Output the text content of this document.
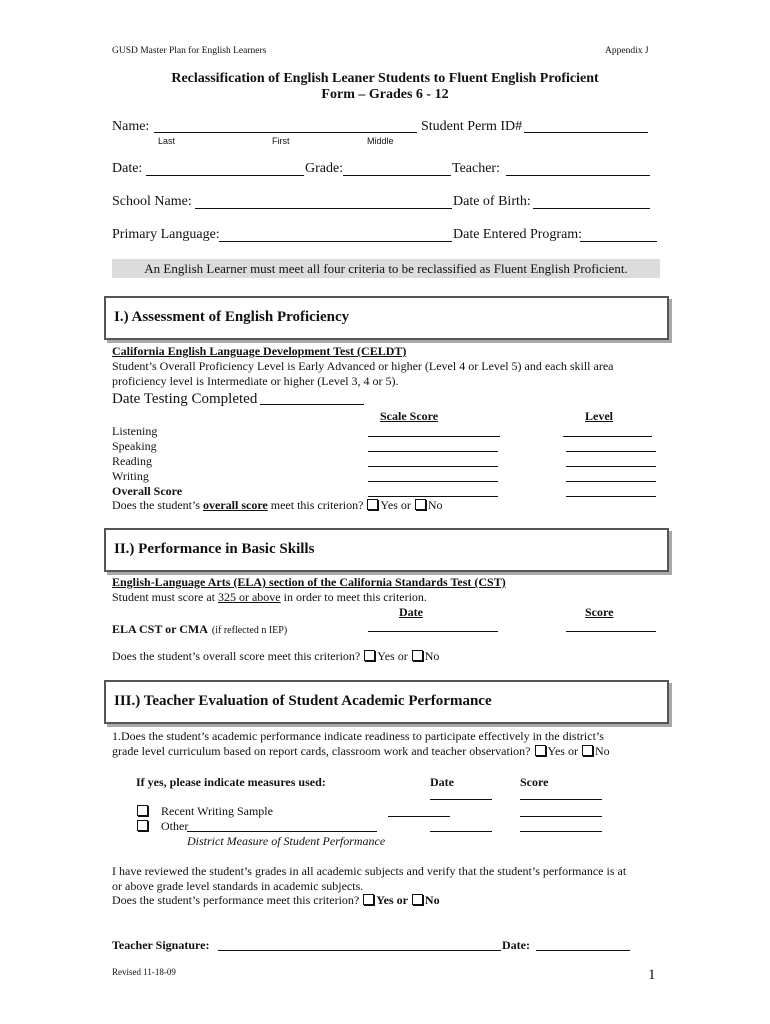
GUSD Master Plan for English Learners	Appendix J
Reclassification of English Leaner Students to Fluent English Proficient
Form – Grades 6 - 12
Name:
Last	First	Middle
Student Perm ID#
Date:	Grade:	Teacher:
School Name:	Date of Birth:
Primary Language:	Date Entered Program:
An English Learner must meet all four criteria to be reclassified as Fluent English Proficient.
I.) Assessment of English Proficiency
California English Language Development Test (CELDT)
Student’s Overall Proficiency Level is Early Advanced or higher (Level 4 or Level 5) and each skill area
proficiency level is Intermediate or higher (Level 3, 4 or 5).
Date Testing Completed
Scale Score	Level
Listening
Speaking
Reading
Writing
Overall Score
Does the student’s overall score meet this criterion? Yes or No
II.) Performance in Basic Skills
English-Language Arts (ELA) section of the California Standards Test (CST)
Student must score at 325 or above in order to meet this criterion.
Date	Score
ELA CST or CMA (if reflected n IEP)
Does the student’s overall score meet this criterion? Yes or No
III.) Teacher Evaluation of Student Academic Performance
1.Does the student’s academic performance indicate readiness to participate effectively in the district’s
grade level curriculum based on report cards, classroom work and teacher observation? Yes or No
If yes, please indicate measures used:	Date	Score
Recent Writing Sample
Other
District Measure of Student Performance
I have reviewed the student’s grades in all academic subjects and verify that the student’s performance is at
or above grade level standards in academic subjects.
Does the student’s performance meet this criterion? Yes or No
Teacher Signature:	Date:
Revised 11-18-09	1
